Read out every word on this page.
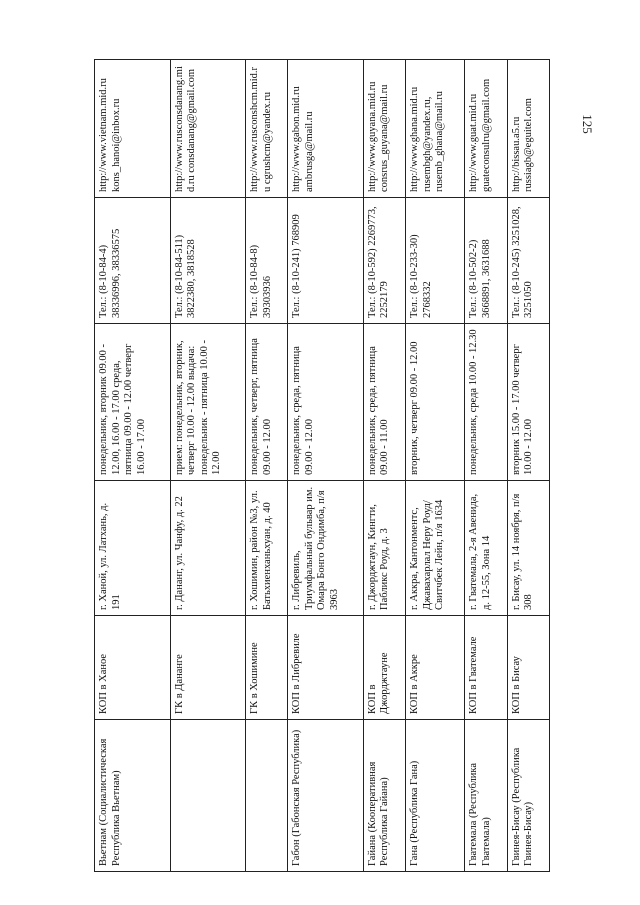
125
Вьетнам (Социалистическая Республика Вьетнам)	КОП в Ханое	г. Ханой, ул. Латхань, д. 191	понедельник, вторник 09.00 - 12.00, 16.00 - 17.00 среда, пятница 09.00 - 12.00 четверг 16.00 - 17.00	Тел.: (8-10-84-4) 38336996, 38336575	http://www.vietnam.mid.ru kons_hanoi@inbox.ru
	ГК в Дананге	г. Дананг, ул. Чанфу, д. 22	прием: понедельник, вторник, четверг 10.00 - 12.00 выдача: понедельник - пятница 10.00 - 12.00	Тел.: (8-10-84-511) 3822380, 3818528	http://www.rusconsdanang.mid.ru consdanang@gmail.com
	ГК в Хошимине	г. Хошимин, район №3, ул. Батьхиенханьхуан, д. 40	понедельник, четверг, пятница 09.00 - 12.00	Тел.: (8-10-84-8) 39303936	http://www.rusconshcm.mid.ru cgrushcm@yandex.ru
Габон (Габонская Республика)	КОП в Либревиле	г. Либревиль, Триумфальный бульвар им. Омара Бонго Ондимба, п/я 3963	понедельник, среда, пятница 09.00 - 12.00	Тел.: (8-10-241) 768909	http://www.gabon.mid.ru ambrusga@mail.ru
Гайана (Кооперативная Республика Гайана)	КОП в Джорджтауне	г. Джорджтаун, Кингти, Пабликс Роуд, д. 3	понедельник, среда, пятница 09.00 - 11.00	Тел.: (8-10-592) 2269773, 2252179	http://www.guyana.mid.ru consrus_guyana@mail.ru
Гана (Республика Гана)	КОП в Аккре	г. Аккра, Кантонментс, Джавахарлал Неру Роуд/Свитчбек Лейн, п/я 1634	вторник, четверг 09.00 - 12.00	Тел.: (8-10-233-30) 2768332	http://www.ghana.mid.ru rusembgh@yandex.ru, rusemb_ghana@mail.ru
Гватемала (Республика Гватемала)	КОП в Гватемале	г. Гватемала, 2-я Авенида, д. 12-55, Зона 14	понедельник, среда 10.00 - 12.30	Тел.: (8-10-502-2) 3668891, 3631688	http://www.guat.mid.ru guateconsulru@gmail.com
Гвинея-Бисау (Республика Гвинея-Бисау)	КОП в Бисау	г. Бисау, ул. 14 ноября, п/я 308	вторник 15.00 - 17.00 четверг 10.00 - 12.00	Тел.: (8-10-245) 3251028, 3251050	http://bissau.a5.ru russiagb@eguitel.com
